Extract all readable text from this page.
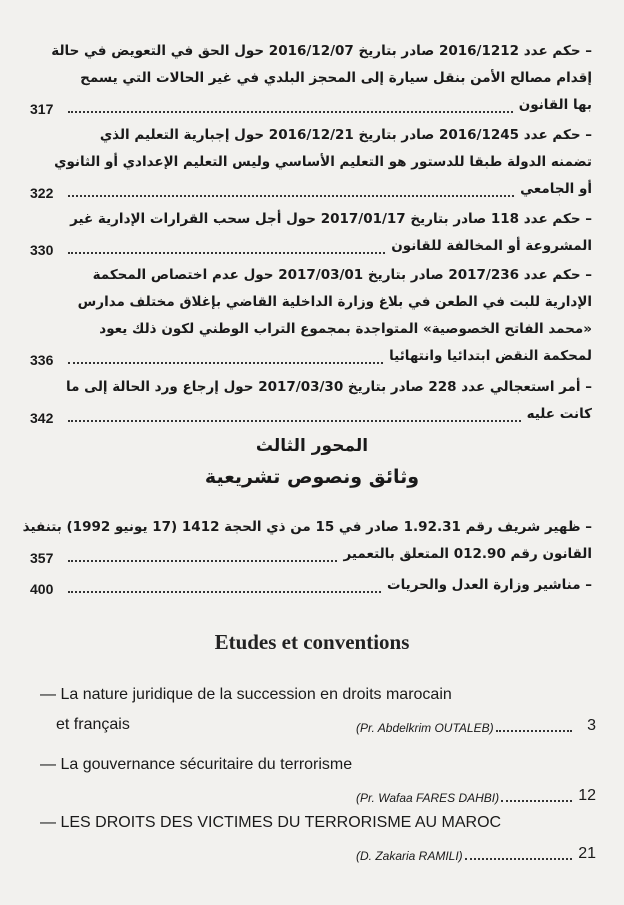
– حكم عدد 2016/1212 صادر بتاريخ 2016/12/07 حول الحق في التعويض في حالة
إقدام مصالح الأمن بنقل سيارة إلى المحجز البلدي في غير الحالات التي يسمح
317	بها القانون
– حكم عدد 2016/1245 صادر بتاريخ 2016/12/21 حول إجبارية التعليم الذي
تضمنه الدولة طبقا للدستور هو التعليم الأساسي وليس التعليم الإعدادي أو الثانوي
322	أو الجامعي
– حكم عدد 118 صادر بتاريخ 2017/01/17 حول أجل سحب القرارات الإدارية غير
330	المشروعة أو المخالفة للقانون
– حكم عدد 2017/236 صادر بتاريخ 2017/03/01 حول عدم اختصاص المحكمة
الإدارية للبت في الطعن في بلاغ وزارة الداخلية القاضي بإغلاق مختلف مدارس
«محمد الفاتح الخصوصية» المتواجدة بمجموع التراب الوطني لكون ذلك يعود
336	لمحكمة النقض ابتدائيا وانتهائيا
– أمر استعجالي عدد 228 صادر بتاريخ 2017/03/30 حول إرجاع ورد الحالة إلى ما
342	كانت عليه
المحور الثالث
وثائق ونصوص تشريعية
– ظهير شريف رقم 1.92.31 صادر في 15 من ذي الحجة 1412 (17 يونيو 1992) بتنفيذ
357	القانون رقم 012.90 المتعلق بالتعمير
400	– مناشير وزارة العدل والحريات
Etudes et conventions
— La nature juridique de la succession en droits marocain
et français	(Pr. Abdelkrim OUTALEB)	3
— La gouvernance sécuritaire du terrorisme
(Pr. Wafaa FARES DAHBI)	12
— LES DROITS DES VICTIMES DU TERRORISME AU MAROC
(D. Zakaria RAMILI)	21
